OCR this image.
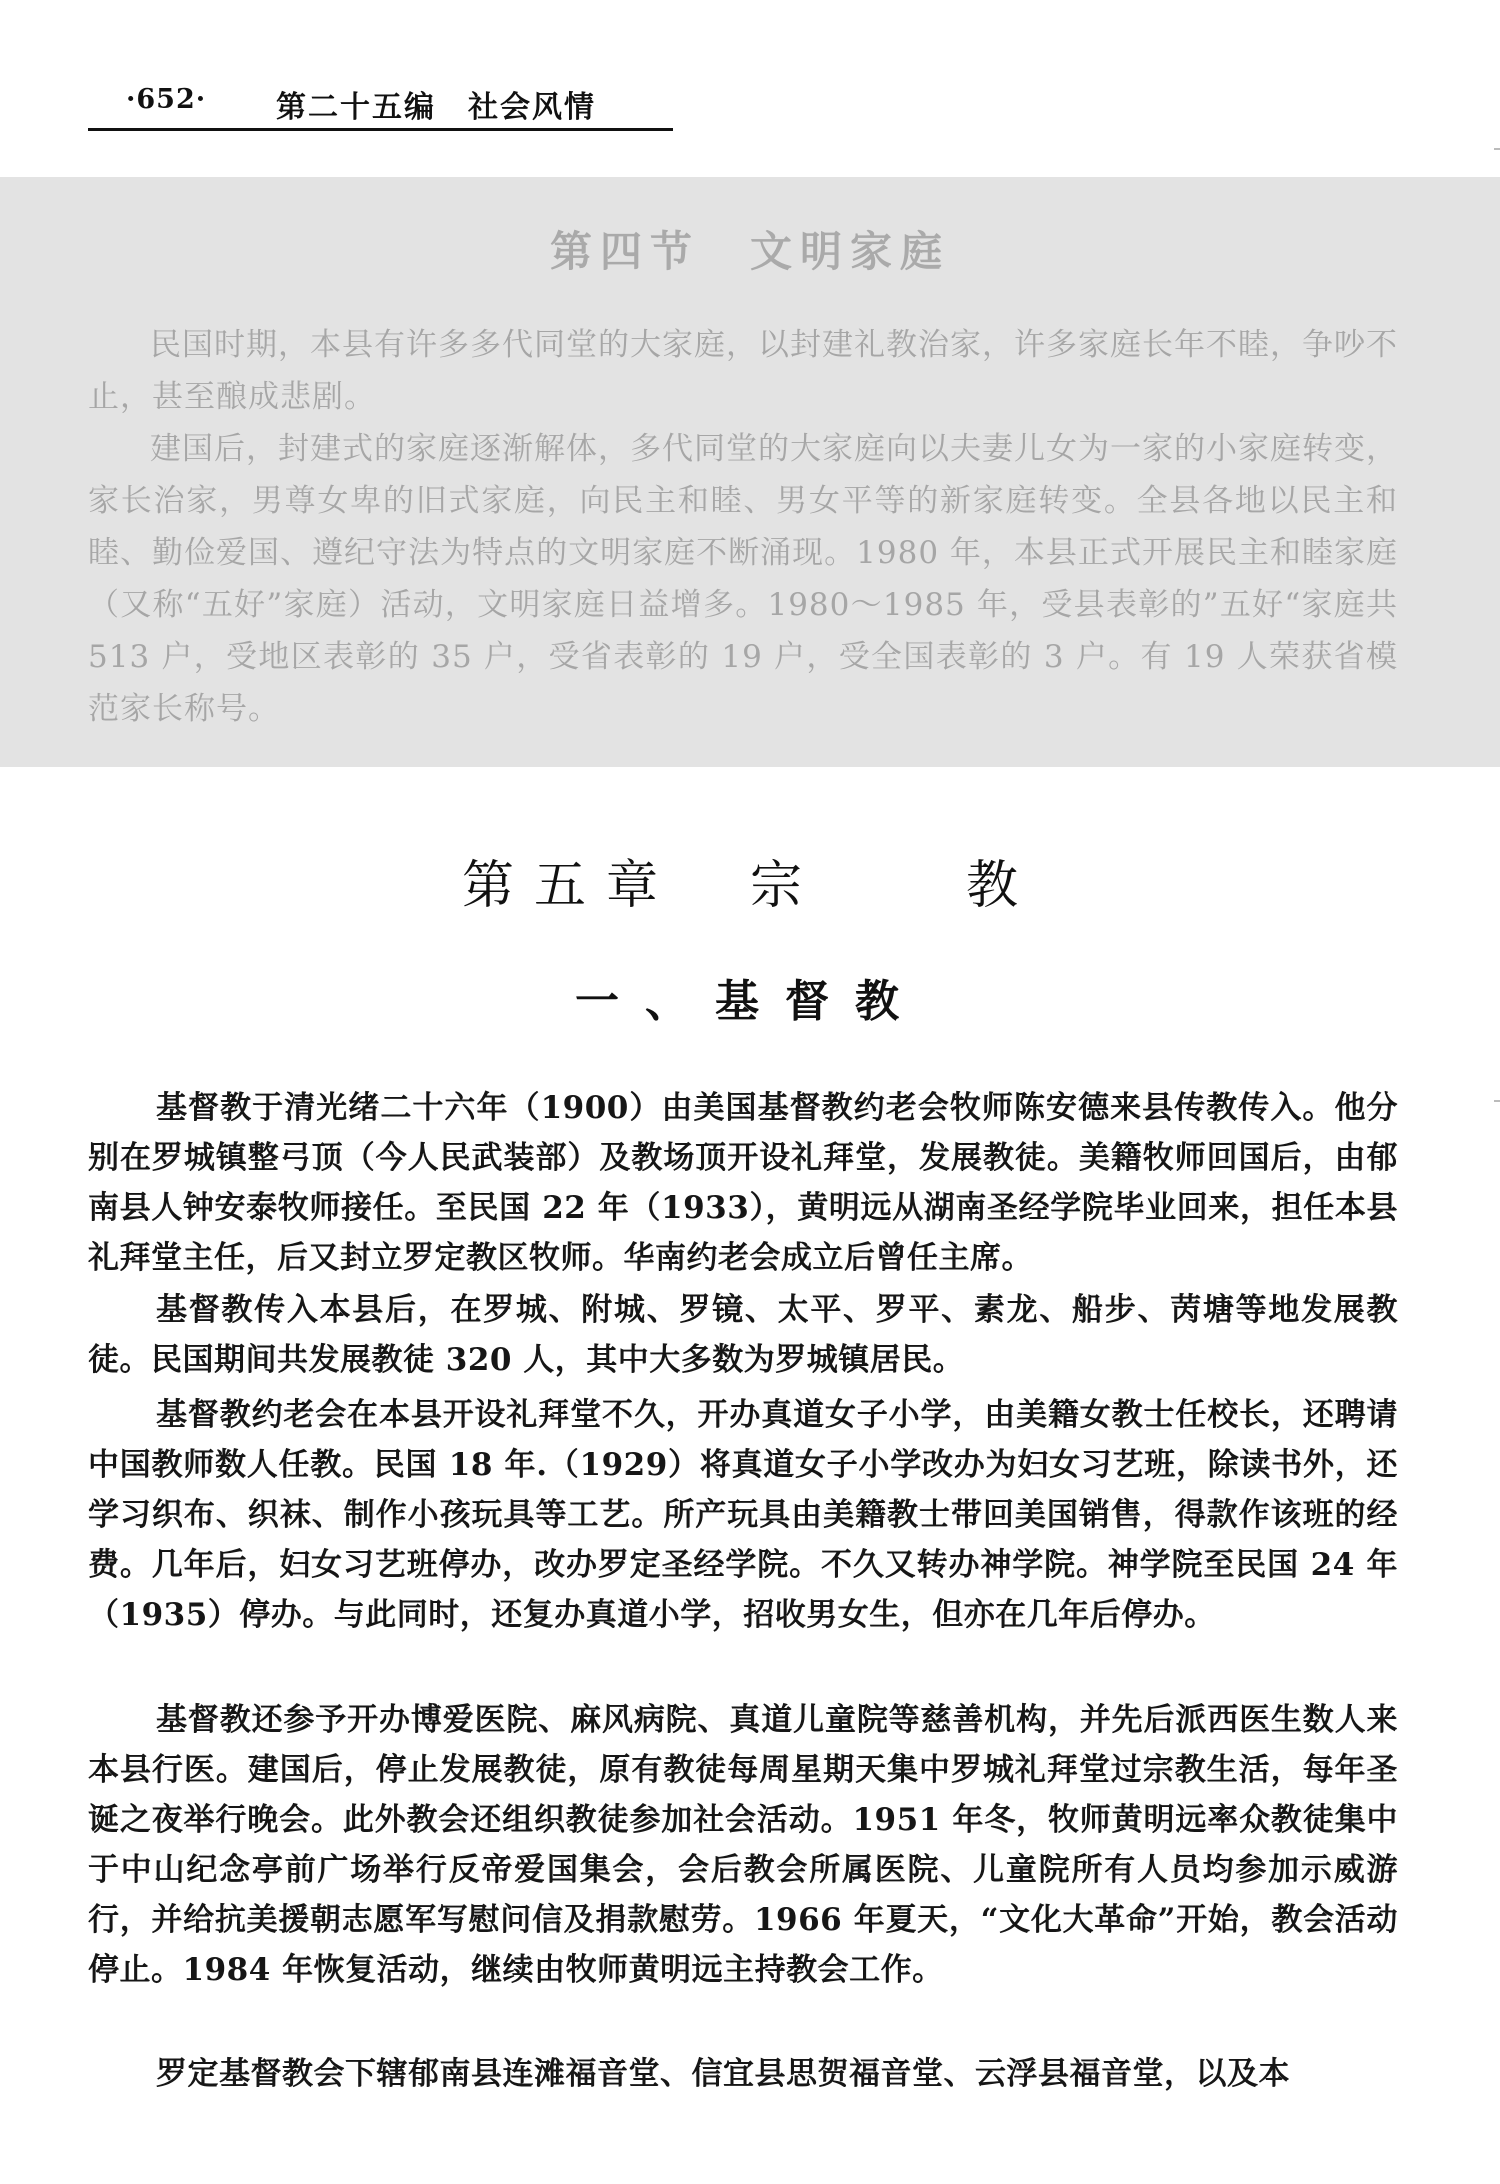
·652· 第二十五编　社会风情
第四节　文明家庭

民国时期，本县有许多多代同堂的大家庭，以封建礼教治家，许多家庭长年不睦，争吵不止，甚至酿成悲剧。

建国后，封建式的家庭逐渐解体，多代同堂的大家庭向以夫妻儿女为一家的小家庭转变，家长治家，男尊女卑的旧式家庭，向民主和睦、男女平等的新家庭转变。全县各地以民主和睦、勤俭爱国、遵纪守法为特点的文明家庭不断涌现。1980 年，本县正式开展民主和睦家庭（又称“五好”家庭）活动，文明家庭日益增多。1980～1985 年，受县表彰的”五好“家庭共 513 户，受地区表彰的 35 户，受省表彰的 19 户，受全国表彰的 3 户。有 19 人荣获省模范家长称号。

第五章　宗　　教
一、基督教

基督教于清光绪二十六年（1900）由美国基督教约老会牧师陈安德来县传教传入。他分别在罗城镇整弓顶（今人民武装部）及教场顶开设礼拜堂，发展教徒。美籍牧师回国后，由郁南县人钟安泰牧师接任。至民国 22 年（1933），黄明远从湖南圣经学院毕业回来，担任本县礼拜堂主任，后又封立罗定教区牧师。华南约老会成立后曾任主席。

基督教传入本县后，在罗城、附城、罗镜、太平、罗平、素龙、船步、苪塘等地发展教徒。民国期间共发展教徒 320 人，其中大多数为罗城镇居民。

基督教约老会在本县开设礼拜堂不久，开办真道女子小学，由美籍女教士任校长，还聘请中国教师数人任教。民国 18 年.（1929）将真道女子小学改办为妇女习艺班，除读书外，还学习织布、织袜、制作小孩玩具等工艺。所产玩具由美籍教士带回美国销售，得款作该班的经费。几年后，妇女习艺班停办，改办罗定圣经学院。不久又转办神学院。神学院至民国 24 年（1935）停办。与此同时，还复办真道小学，招收男女生，但亦在几年后停办。

基督教还参予开办博爱医院、麻风病院、真道儿童院等慈善机构，并先后派西医生数人来本县行医。建国后，停止发展教徒，原有教徒每周星期天集中罗城礼拜堂过宗教生活，每年圣诞之夜举行晚会。此外教会还组织教徒参加社会活动。1951 年冬，牧师黄明远率众教徒集中于中山纪念亭前广场举行反帝爱国集会，会后教会所属医院、儿童院所有人员均参加示威游行，并给抗美援朝志愿军写慰问信及捐款慰劳。1966 年夏天，“文化大革命”开始，教会活动停止。1984 年恢复活动，继续由牧师黄明远主持教会工作。

罗定基督教会下辖郁南县连滩福音堂、信宜县思贺福音堂、云浮县福音堂，以及本
